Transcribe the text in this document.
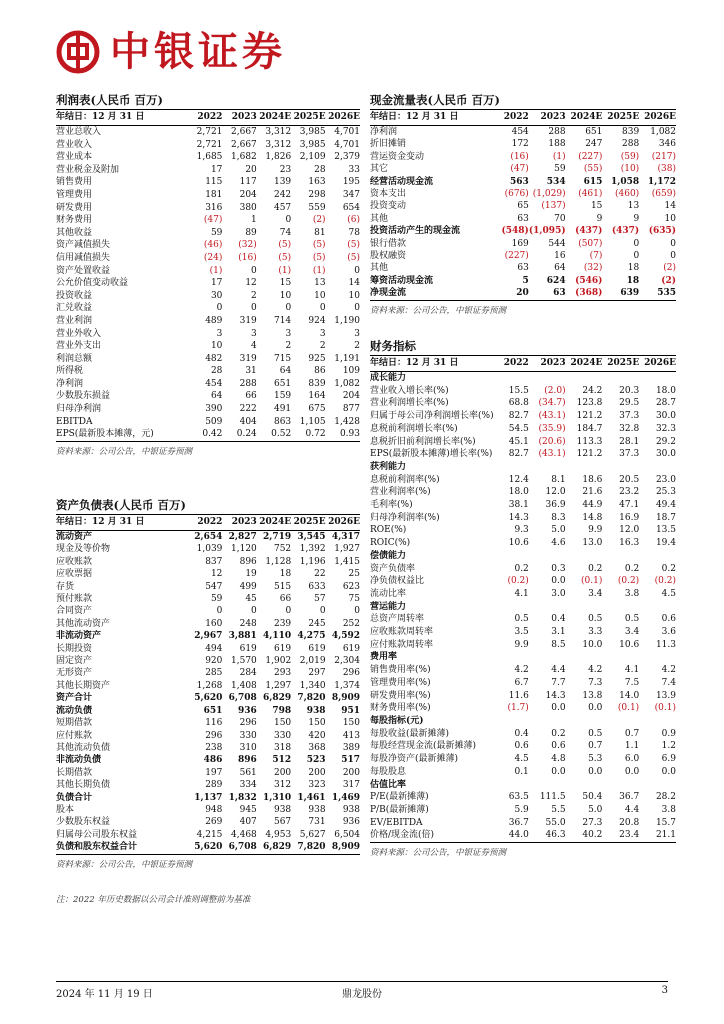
中银证券
利润表(人民币 百万)
年结日：12 月 31 日	2022	2023	2024E	2025E	2026E
营业总收入	2,721	2,667	3,312	3,985	4,701
营业收入	2,721	2,667	3,312	3,985	4,701
营业成本	1,685	1,682	1,826	2,109	2,379
营业税金及附加	17	20	23	28	33
销售费用	115	117	139	163	195
管理费用	181	204	242	298	347
研发费用	316	380	457	559	654
财务费用	(47)	1	0	(2)	(6)
其他收益	59	89	74	81	78
资产减值损失	(46)	(32)	(5)	(5)	(5)
信用减值损失	(24)	(16)	(5)	(5)	(5)
资产处置收益	(1)	0	(1)	(1)	0
公允价值变动收益	17	12	15	13	14
投资收益	30	2	10	10	10
汇兑收益	0	0	0	0	0
营业利润	489	319	714	924	1,190
营业外收入	3	3	3	3	3
营业外支出	10	4	2	2	2
利润总额	482	319	715	925	1,191
所得税	28	31	64	86	109
净利润	454	288	651	839	1,082
少数股东损益	64	66	159	164	204
归母净利润	390	222	491	675	877
EBITDA	509	404	863	1,105	1,428
EPS(最新股本摊薄，元)	0.42	0.24	0.52	0.72	0.93
资料来源：公司公告，中银证券预测
资产负债表(人民币 百万)
年结日：12 月 31 日	2022	2023	2024E	2025E	2026E
流动资产	2,654	2,827	2,719	3,545	4,317
现金及等价物	1,039	1,120	752	1,392	1,927
应收账款	837	896	1,128	1,196	1,415
应收票据	12	19	18	22	25
存货	547	499	515	633	623
预付账款	59	45	66	57	75
合同资产	0	0	0	0	0
其他流动资产	160	248	239	245	252
非流动资产	2,967	3,881	4,110	4,275	4,592
长期投资	494	619	619	619	619
固定资产	920	1,570	1,902	2,019	2,304
无形资产	285	284	293	297	296
其他长期资产	1,268	1,408	1,297	1,340	1,374
资产合计	5,620	6,708	6,829	7,820	8,909
流动负债	651	936	798	938	951
短期借款	116	296	150	150	150
应付账款	296	330	330	420	413
其他流动负债	238	310	318	368	389
非流动负债	486	896	512	523	517
长期借款	197	561	200	200	200
其他长期负债	289	334	312	323	317
负债合计	1,137	1,832	1,310	1,461	1,469
股本	948	945	938	938	938
少数股东权益	269	407	567	731	936
归属母公司股东权益	4,215	4,468	4,953	5,627	6,504
负债和股东权益合计	5,620	6,708	6,829	7,820	8,909
资料来源：公司公告，中银证券预测
注：2022 年历史数据以公司会计准则调整前为基准
现金流量表(人民币 百万)
年结日：12 月 31 日	2022	2023	2024E	2025E	2026E
净利润	454	288	651	839	1,082
折旧摊销	172	188	247	288	346
营运资金变动	(16)	(1)	(227)	(59)	(217)
其它	(47)	59	(55)	(10)	(38)
经营活动现金流	563	534	615	1,058	1,172
资本支出	(676)	(1,029)	(461)	(460)	(659)
投资变动	65	(137)	15	13	14
其他	63	70	9	9	10
投资活动产生的现金流	(548)	(1,095)	(437)	(437)	(635)
银行借款	169	544	(507)	0	0
股权融资	(227)	16	(7)	0	0
其他	63	64	(32)	18	(2)
筹资活动现金流	5	624	(546)	18	(2)
净现金流	20	63	(368)	639	535
资料来源：公司公告，中银证券预测
财务指标
年结日：12 月 31 日	2022	2023	2024E	2025E	2026E
成长能力					
营业收入增长率(%)	15.5	(2.0)	24.2	20.3	18.0
营业利润增长率(%)	68.8	(34.7)	123.8	29.5	28.7
归属于母公司净利润增长率(%)	82.7	(43.1)	121.2	37.3	30.0
息税前利润增长率(%)	54.5	(35.9)	184.7	32.8	32.3
息税折旧前利润增长率(%)	45.1	(20.6)	113.3	28.1	29.2
EPS(最新股本摊薄)增长率(%)	82.7	(43.1)	121.2	37.3	30.0
获利能力					
息税前利润率(%)	12.4	8.1	18.6	20.5	23.0
营业利润率(%)	18.0	12.0	21.6	23.2	25.3
毛利率(%)	38.1	36.9	44.9	47.1	49.4
归母净利润率(%)	14.3	8.3	14.8	16.9	18.7
ROE(%)	9.3	5.0	9.9	12.0	13.5
ROIC(%)	10.6	4.6	13.0	16.3	19.4
偿债能力					
资产负债率	0.2	0.3	0.2	0.2	0.2
净负债权益比	(0.2)	0.0	(0.1)	(0.2)	(0.2)
流动比率	4.1	3.0	3.4	3.8	4.5
营运能力					
总资产周转率	0.5	0.4	0.5	0.5	0.6
应收账款周转率	3.5	3.1	3.3	3.4	3.6
应付账款周转率	9.9	8.5	10.0	10.6	11.3
费用率					
销售费用率(%)	4.2	4.4	4.2	4.1	4.2
管理费用率(%)	6.7	7.7	7.3	7.5	7.4
研发费用率(%)	11.6	14.3	13.8	14.0	13.9
财务费用率(%)	(1.7)	0.0	0.0	(0.1)	(0.1)
每股指标(元)					
每股收益(最新摊薄)	0.4	0.2	0.5	0.7	0.9
每股经营现金流(最新摊薄)	0.6	0.6	0.7	1.1	1.2
每股净资产(最新摊薄)	4.5	4.8	5.3	6.0	6.9
每股股息	0.1	0.0	0.0	0.0	0.0
估值比率					
P/E(最新摊薄)	63.5	111.5	50.4	36.7	28.2
P/B(最新摊薄)	5.9	5.5	5.0	4.4	3.8
EV/EBITDA	36.7	55.0	27.3	20.8	15.7
价格/现金流(倍)	44.0	46.3	40.2	23.4	21.1
资料来源：公司公告，中银证券预测
2024 年 11 月 19 日	鼎龙股份	3
